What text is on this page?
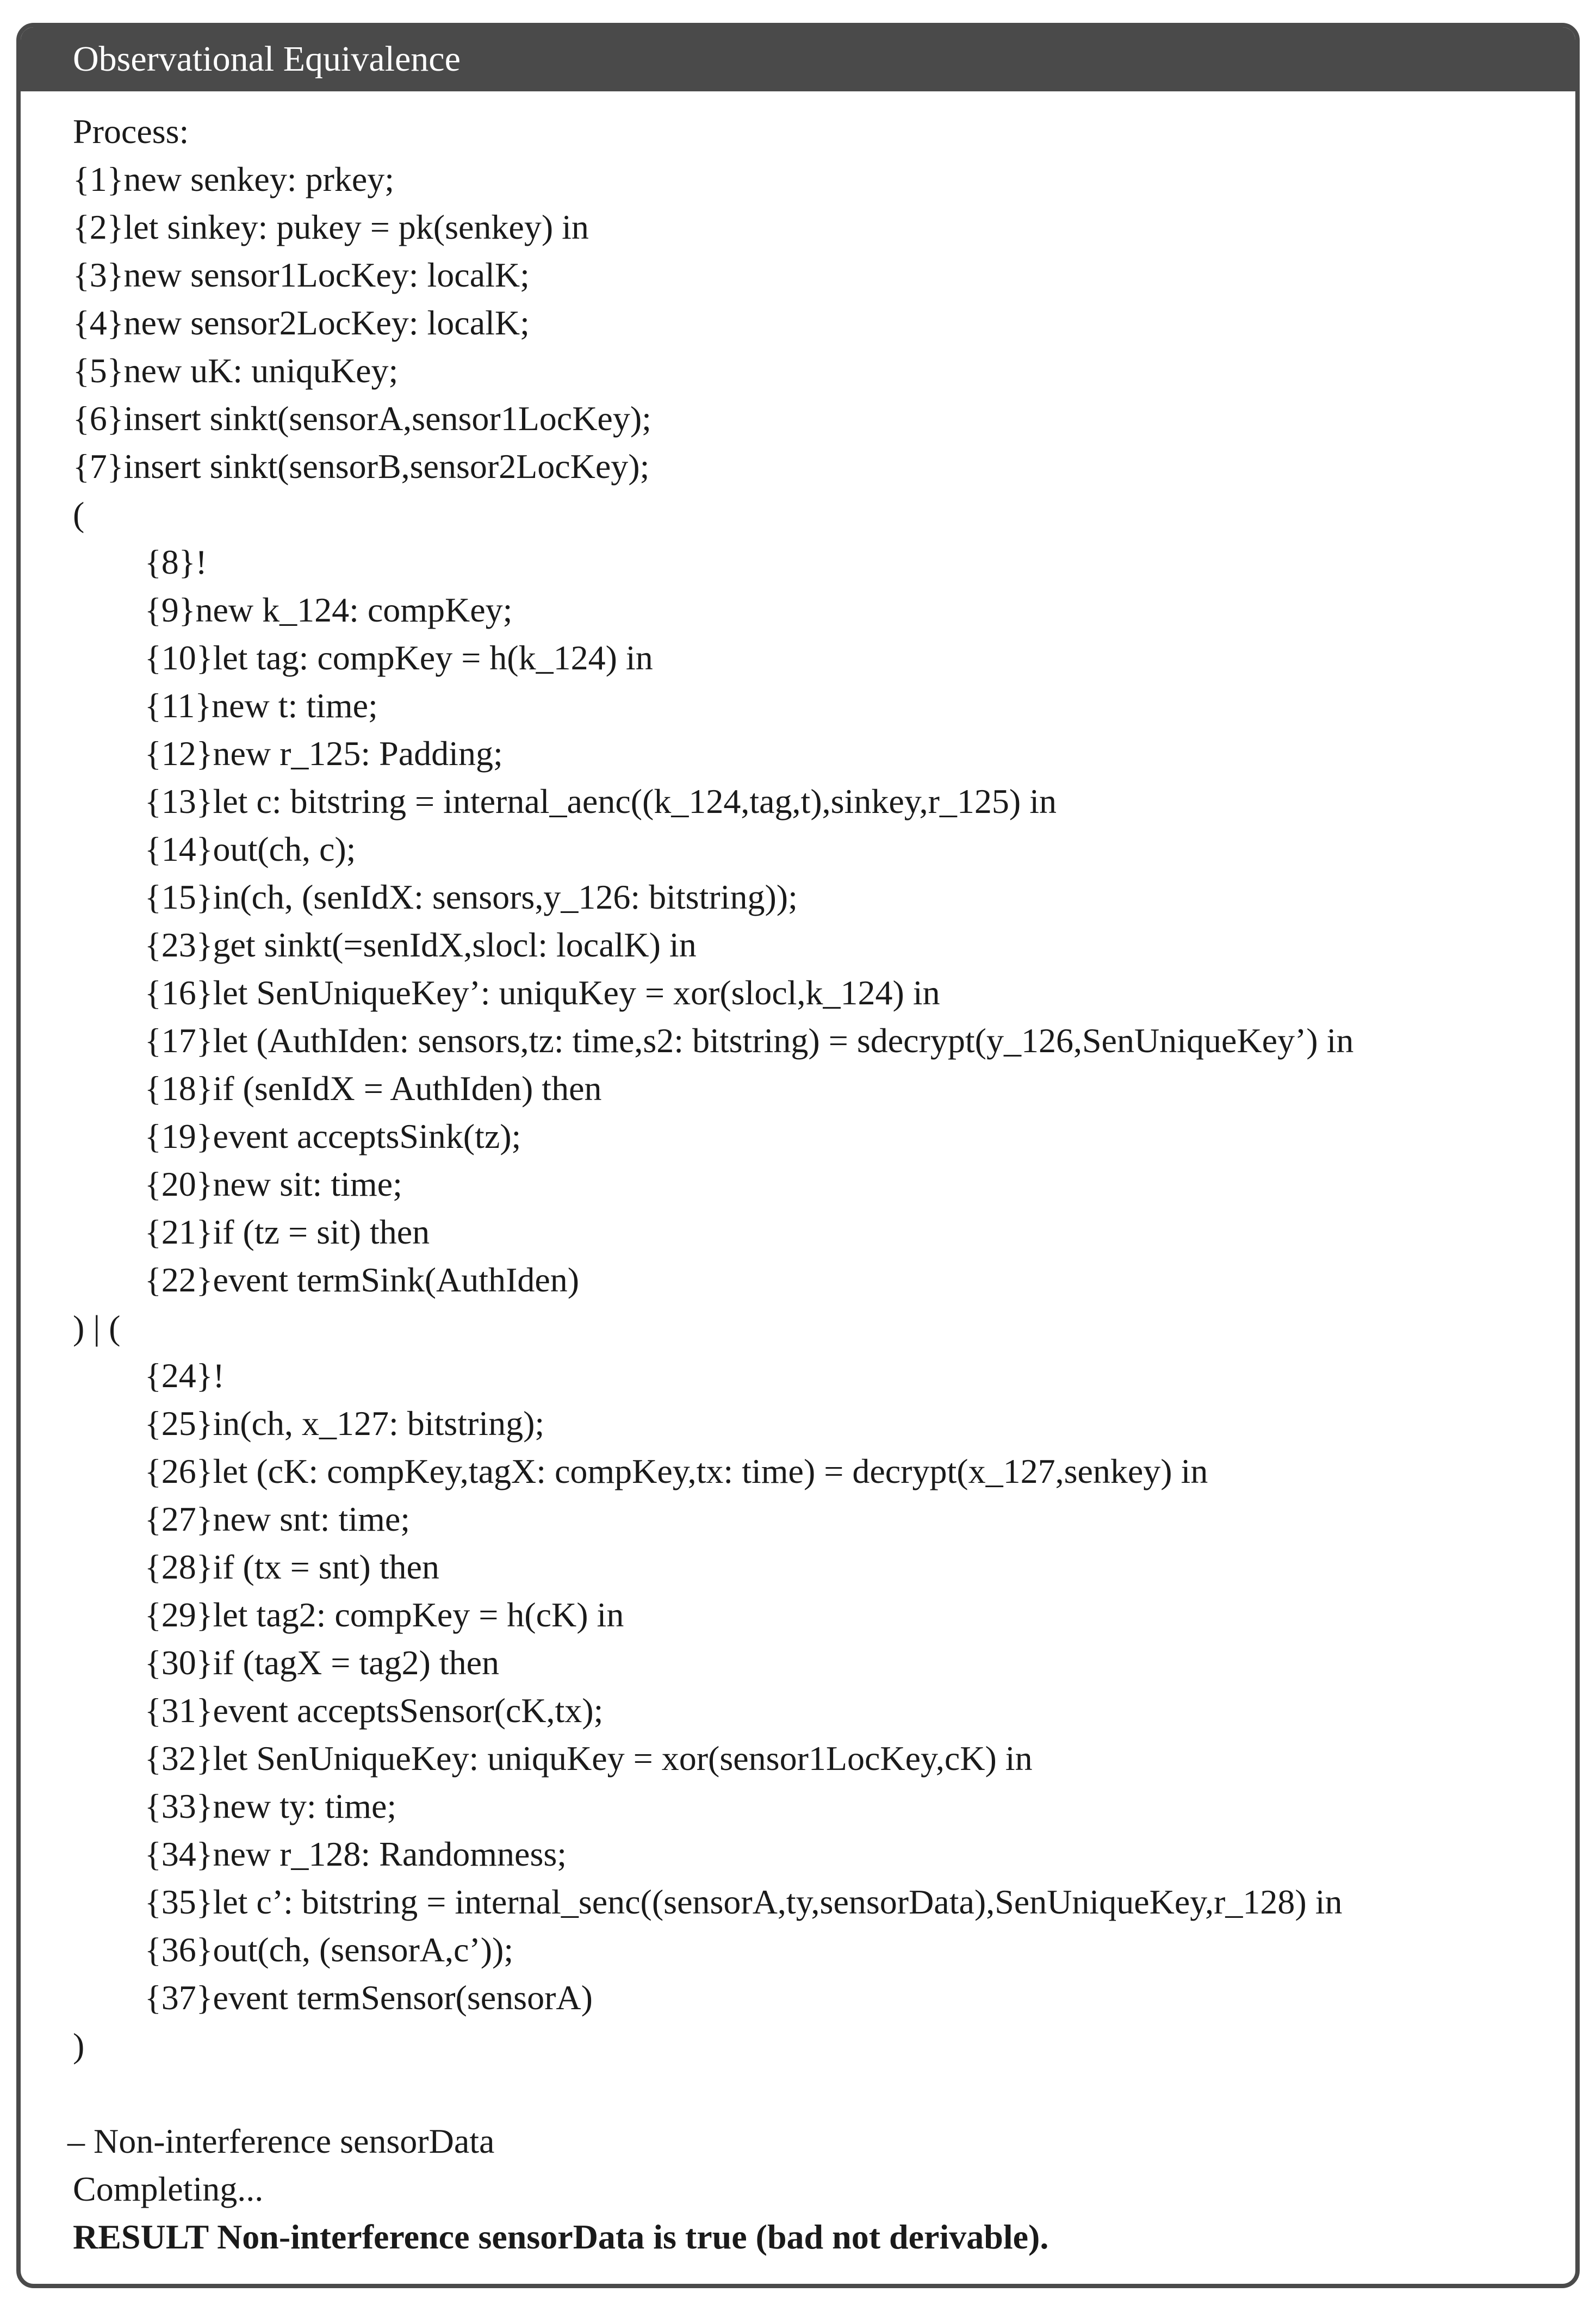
Observational Equivalence
Process:
{1}new senkey: prkey;
{2}let sinkey: pukey = pk(senkey) in
{3}new sensor1LocKey: localK;
{4}new sensor2LocKey: localK;
{5}new uK: uniquKey;
{6}insert sinkt(sensorA,sensor1LocKey);
{7}insert sinkt(sensorB,sensor2LocKey);
(
{8}!
{9}new k_124: compKey;
{10}let tag: compKey = h(k_124) in
{11}new t: time;
{12}new r_125: Padding;
{13}let c: bitstring = internal_aenc((k_124,tag,t),sinkey,r_125) in
{14}out(ch, c);
{15}in(ch, (senIdX: sensors,y_126: bitstring));
{23}get sinkt(=senIdX,slocl: localK) in
{16}let SenUniqueKey’: uniquKey = xor(slocl,k_124) in
{17}let (AuthIden: sensors,tz: time,s2: bitstring) = sdecrypt(y_126,SenUniqueKey’) in
{18}if (senIdX = AuthIden) then
{19}event acceptsSink(tz);
{20}new sit: time;
{21}if (tz = sit) then
{22}event termSink(AuthIden)
) | (
{24}!
{25}in(ch, x_127: bitstring);
{26}let (cK: compKey,tagX: compKey,tx: time) = decrypt(x_127,senkey) in
{27}new snt: time;
{28}if (tx = snt) then
{29}let tag2: compKey = h(cK) in
{30}if (tagX = tag2) then
{31}event acceptsSensor(cK,tx);
{32}let SenUniqueKey: uniquKey = xor(sensor1LocKey,cK) in
{33}new ty: time;
{34}new r_128: Randomness;
{35}let c’: bitstring = internal_senc((sensorA,ty,sensorData),SenUniqueKey,r_128) in
{36}out(ch, (sensorA,c’));
{37}event termSensor(sensorA)
)
– Non-interference sensorData
Completing...
RESULT Non-interference sensorData is true (bad not derivable).
